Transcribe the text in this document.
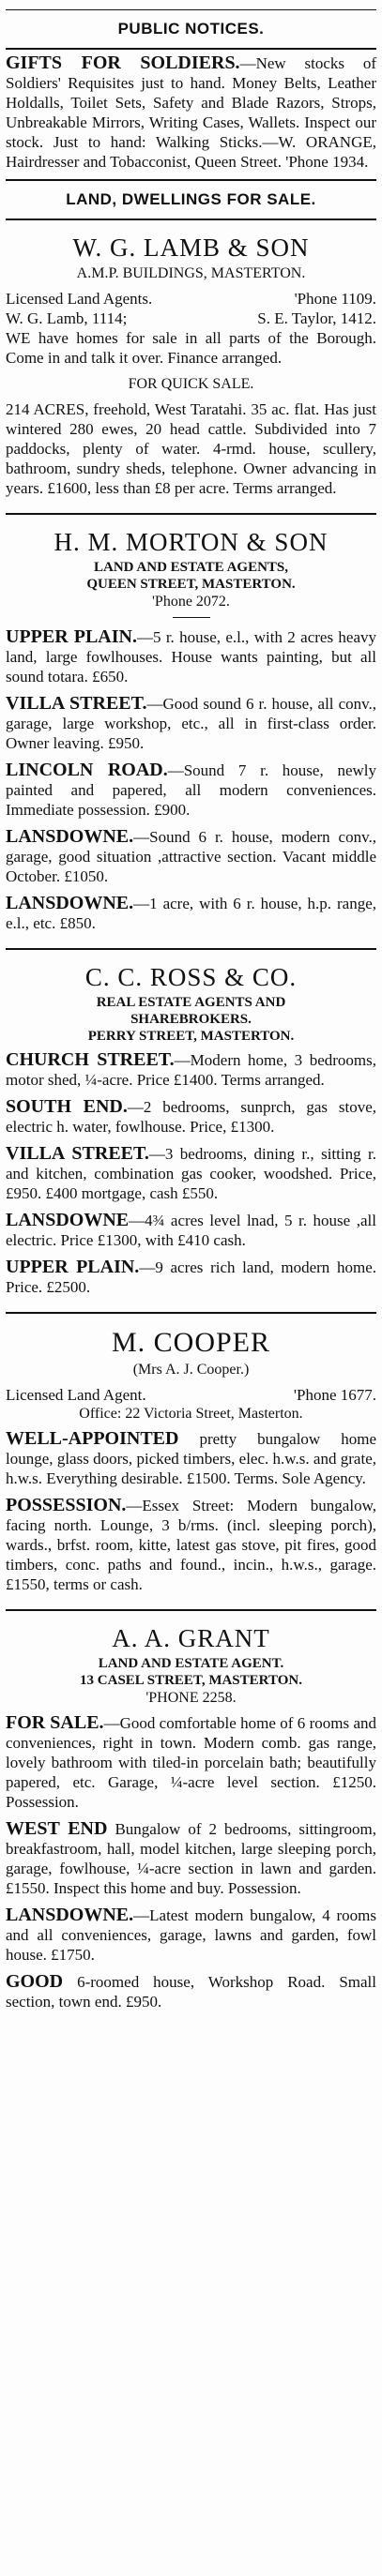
PUBLIC NOTICES.

GIFTS FOR SOLDIERS.—New stocks of Soldiers' Requisites just to hand. Money Belts, Leather Holdalls, Toilet Sets, Safety and Blade Razors, Strops, Unbreakable Mirrors, Writing Cases, Wallets. Inspect our stock. Just to hand: Walking Sticks.—W. ORANGE, Hairdresser and Tobacconist, Queen Street. 'Phone 1934.

LAND, DWELLINGS FOR SALE.
W. G. LAMB & SON
A.M.P. BUILDINGS, MASTERTON.
Licensed Land Agents.	'Phone 1109.
W. G. Lamb, 1114;	S. E. Taylor, 1412.

WE have homes for sale in all parts of the Borough. Come in and talk it over. Finance arranged.

FOR QUICK SALE.

214 ACRES, freehold, West Taratahi. 35 ac. flat. Has just wintered 280 ewes, 20 head cattle. Subdivided into 7 paddocks, plenty of water. 4-rmd. house, scullery, bathroom, sundry sheds, telephone. Owner advancing in years. £1600, less than £8 per acre. Terms arranged.

H. M. MORTON & SON
LAND AND ESTATE AGENTS,
QUEEN STREET, MASTERTON.
'Phone 2072.

UPPER PLAIN.—5 r. house, e.l., with 2 acres heavy land, large fowlhouses. House wants painting, but all sound totara. £650.

VILLA STREET.—Good sound 6 r. house, all conv., garage, large workshop, etc., all in first-class order. Owner leaving. £950.

LINCOLN ROAD.—Sound 7 r. house, newly painted and papered, all modern conveniences. Immediate possession. £900.

LANSDOWNE.—Sound 6 r. house, modern conv., garage, good situation ,attractive section. Vacant middle October. £1050.

LANSDOWNE.—1 acre, with 6 r. house, h.p. range, e.l., etc. £850.

C. C. ROSS & CO.
REAL ESTATE AGENTS AND
SHAREBROKERS.
PERRY STREET, MASTERTON.

CHURCH STREET.—Modern home, 3 bedrooms, motor shed, ¼-acre. Price £1400. Terms arranged.

SOUTH END.—2 bedrooms, sunprch, gas stove, electric h. water, fowlhouse. Price, £1300.

VILLA STREET.—3 bedrooms, dining r., sitting r. and kitchen, combination gas cooker, woodshed. Price, £950. £400 mortgage, cash £550.

LANSDOWNE—4¾ acres level lnad, 5 r. house ,all electric. Price £1300, with £410 cash.

UPPER PLAIN.—9 acres rich land, modern home. Price. £2500.

M. COOPER
(Mrs A. J. Cooper.)
Licensed Land Agent.	'Phone 1677.
Office: 22 Victoria Street, Masterton.

WELL-APPOINTED pretty bungalow home lounge, glass doors, picked timbers, elec. h.w.s. and grate, h.w.s. Everything desirable. £1500. Terms. Sole Agency.

POSSESSION.—Essex Street: Modern bungalow, facing north. Lounge, 3 b/rms. (incl. sleeping porch), wards., brfst. room, kitte, latest gas stove, pit fires, good timbers, conc. paths and found., incin., h.w.s., garage. £1550, terms or cash.

A. A. GRANT
LAND AND ESTATE AGENT.
13 CASEL STREET, MASTERTON.
'PHONE 2258.

FOR SALE.—Good comfortable home of 6 rooms and conveniences, right in town. Modern comb. gas range, lovely bathroom with tiled-in porcelain bath; beautifully papered, etc. Garage, ¼-acre level section. £1250. Possession.

WEST END Bungalow of 2 bedrooms, sittingroom, breakfastroom, hall, model kitchen, large sleeping porch, garage, fowlhouse, ¼-acre section in lawn and garden. £1550. Inspect this home and buy. Possession.

LANSDOWNE.—Latest modern bungalow, 4 rooms and all conveniences, garage, lawns and garden, fowl house. £1750.

GOOD 6-roomed house, Workshop Road. Small section, town end. £950.
